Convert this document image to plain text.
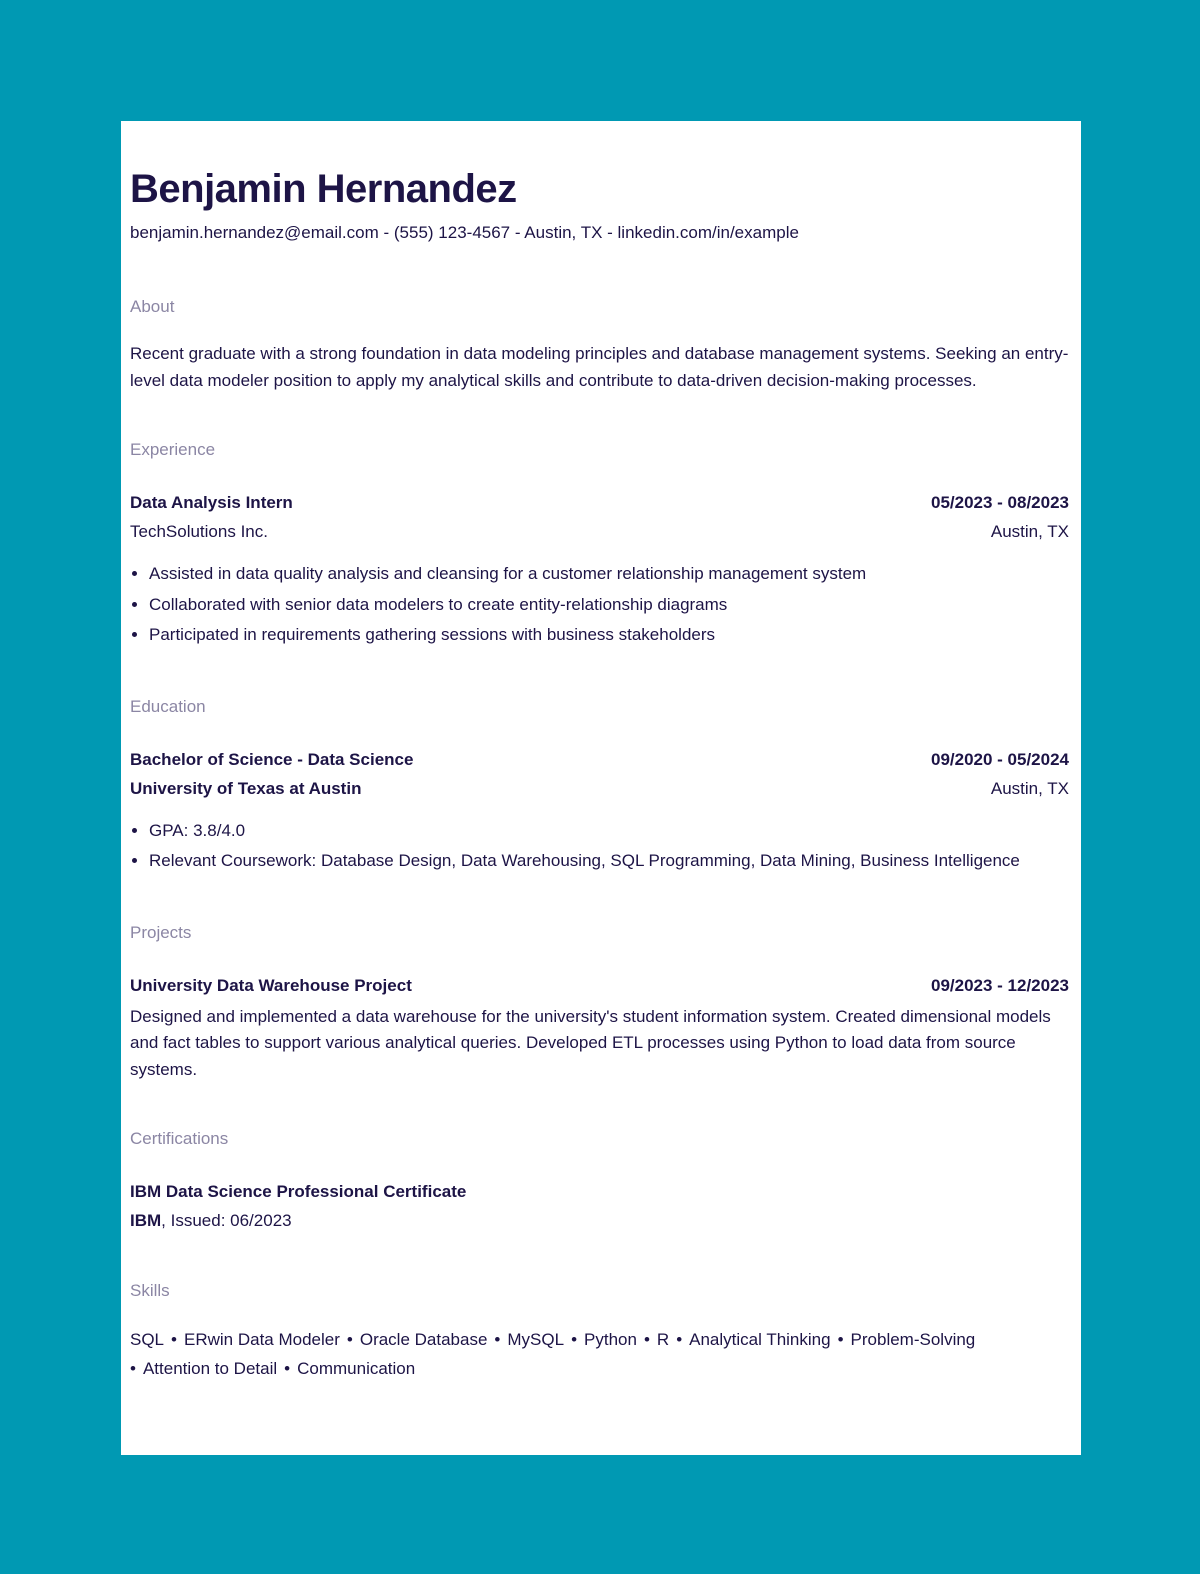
Benjamin Hernandez
benjamin.hernandez@email.com - (555) 123-4567 - Austin, TX - linkedin.com/in/example
About
Recent graduate with a strong foundation in data modeling principles and database management systems. Seeking an entry-level data modeler position to apply my analytical skills and contribute to data-driven decision-making processes.
Experience
Data Analysis Intern	05/2023 - 08/2023
TechSolutions Inc.	Austin, TX
• Assisted in data quality analysis and cleansing for a customer relationship management system
• Collaborated with senior data modelers to create entity-relationship diagrams
• Participated in requirements gathering sessions with business stakeholders
Education
Bachelor of Science - Data Science	09/2020 - 05/2024
University of Texas at Austin	Austin, TX
• GPA: 3.8/4.0
• Relevant Coursework: Database Design, Data Warehousing, SQL Programming, Data Mining, Business Intelligence
Projects
University Data Warehouse Project	09/2023 - 12/2023
Designed and implemented a data warehouse for the university's student information system. Created dimensional models and fact tables to support various analytical queries. Developed ETL processes using Python to load data from source systems.
Certifications
IBM Data Science Professional Certificate
IBM, Issued: 06/2023
Skills
SQL • ERwin Data Modeler • Oracle Database • MySQL • Python • R • Analytical Thinking • Problem-Solving
• Attention to Detail • Communication
